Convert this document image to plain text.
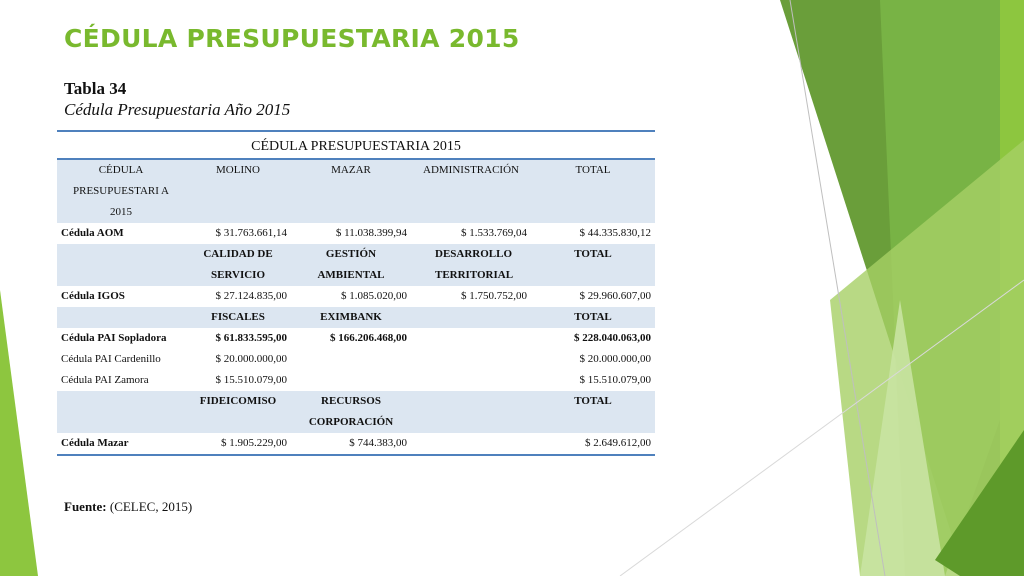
CÉDULA PRESUPUESTARIA 2015
Tabla 34
Cédula Presupuestaria Año 2015
CÉDULA PRESUPUESTARIA 2015
CÉDULA PRESUPUESTARI A 2015	MOLINO	MAZAR	ADMINISTRACIÓN	TOTAL
Cédula AOM	$ 31.763.661,14	$ 11.038.399,94	$ 1.533.769,04	$ 44.335.830,12
	CALIDAD DE SERVICIO	GESTIÓN AMBIENTAL	DESARROLLO TERRITORIAL	TOTAL
Cédula IGOS	$ 27.124.835,00	$ 1.085.020,00	$ 1.750.752,00	$ 29.960.607,00
	FISCALES	EXIMBANK		TOTAL
Cédula PAI Sopladora	$ 61.833.595,00	$ 166.206.468,00		$ 228.040.063,00
Cédula PAI Cardenillo	$ 20.000.000,00			$ 20.000.000,00
Cédula PAI Zamora	$ 15.510.079,00			$ 15.510.079,00
	FIDEICOMISO	RECURSOS CORPORACIÓN		TOTAL
Cédula Mazar	$ 1.905.229,00	$ 744.383,00		$ 2.649.612,00
Fuente: (CELEC, 2015)
